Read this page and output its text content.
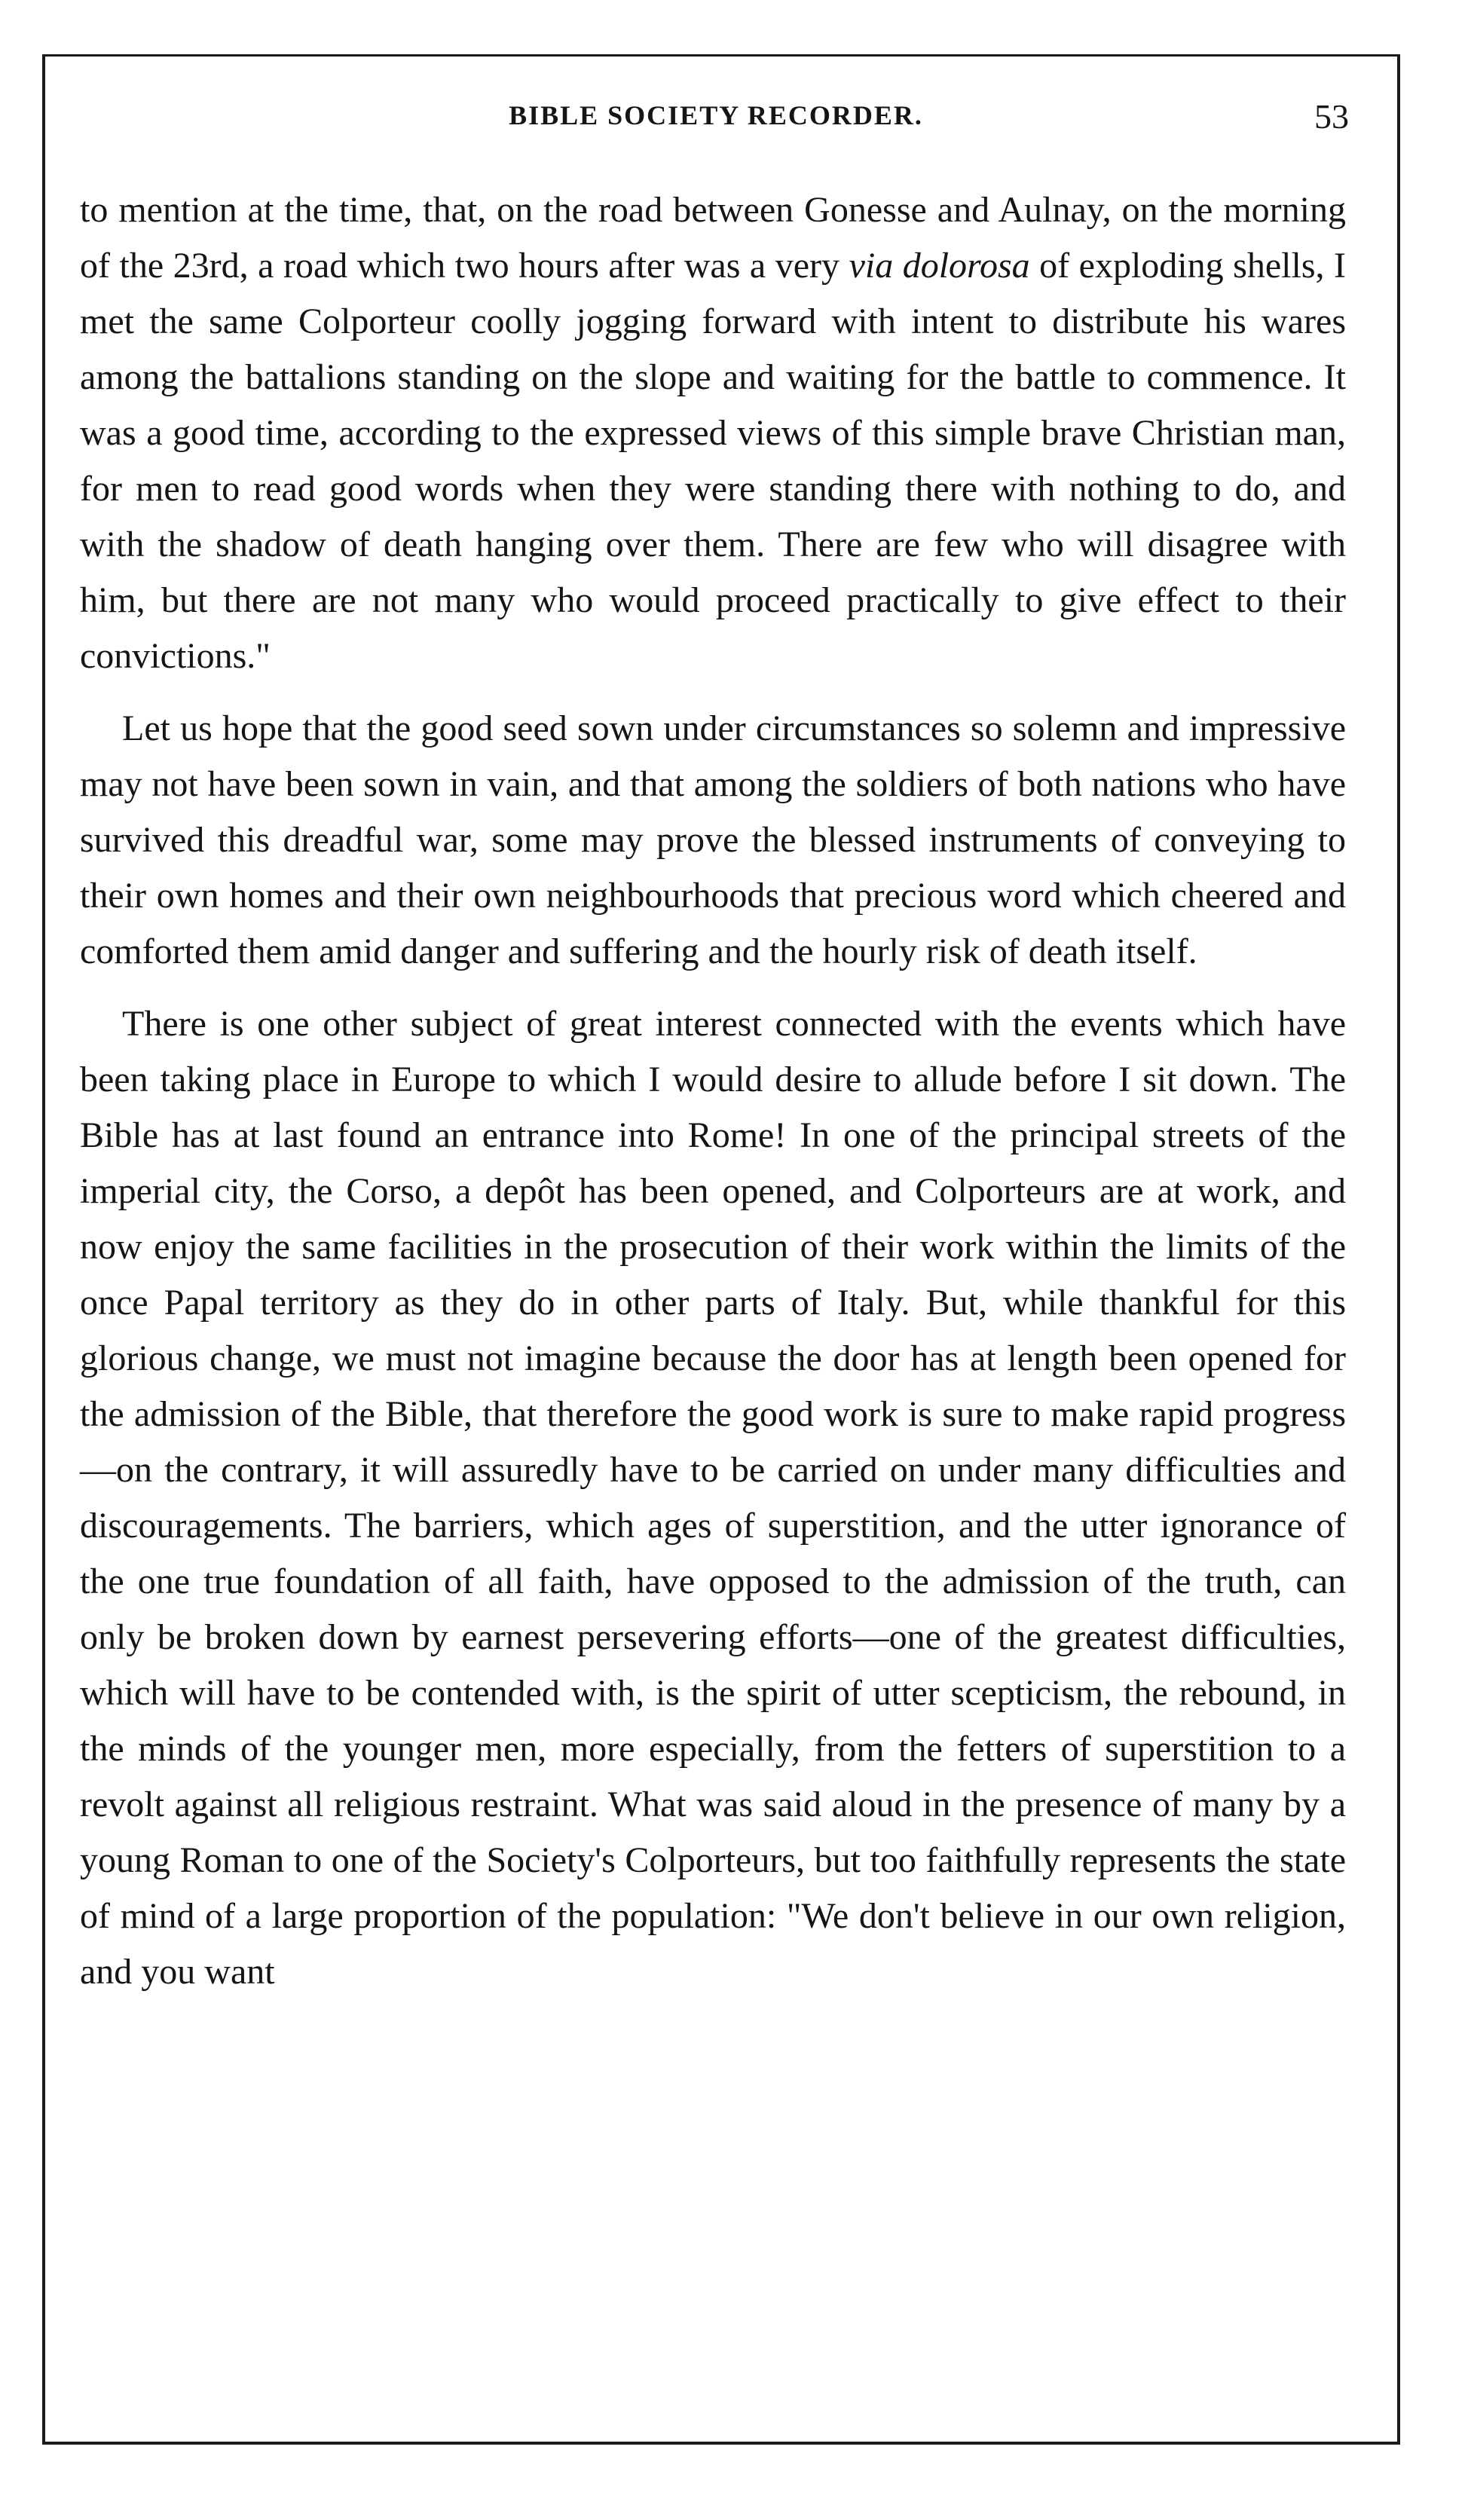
BIBLE SOCIETY RECORDER.	53

to mention at the time, that, on the road between Gonesse and Aulnay, on the morning of the 23rd, a road which two hours after was a very via dolorosa of exploding shells, I met the same Colporteur coolly jogging forward with intent to distribute his wares among the battalions standing on the slope and waiting for the battle to commence. It was a good time, according to the expressed views of this simple brave Christian man, for men to read good words when they were standing there with nothing to do, and with the shadow of death hanging over them. There are few who will disagree with him, but there are not many who would proceed practically to give effect to their convictions."

Let us hope that the good seed sown under circumstances so solemn and impressive may not have been sown in vain, and that among the soldiers of both nations who have survived this dreadful war, some may prove the blessed instruments of conveying to their own homes and their own neighbourhoods that precious word which cheered and comforted them amid danger and suffering and the hourly risk of death itself.

There is one other subject of great interest connected with the events which have been taking place in Europe to which I would desire to allude before I sit down. The Bible has at last found an entrance into Rome! In one of the principal streets of the imperial city, the Corso, a depôt has been opened, and Colporteurs are at work, and now enjoy the same facilities in the prosecution of their work within the limits of the once Papal territory as they do in other parts of Italy. But, while thankful for this glorious change, we must not imagine because the door has at length been opened for the admission of the Bible, that therefore the good work is sure to make rapid progress—on the contrary, it will assuredly have to be carried on under many difficulties and discouragements. The barriers, which ages of superstition, and the utter ignorance of the one true foundation of all faith, have opposed to the admission of the truth, can only be broken down by earnest persevering efforts—one of the greatest difficulties, which will have to be contended with, is the spirit of utter scepticism, the rebound, in the minds of the younger men, more especially, from the fetters of superstition to a revolt against all religious restraint. What was said aloud in the presence of many by a young Roman to one of the Society's Colporteurs, but too faithfully represents the state of mind of a large proportion of the population: "We don't believe in our own religion, and you want
